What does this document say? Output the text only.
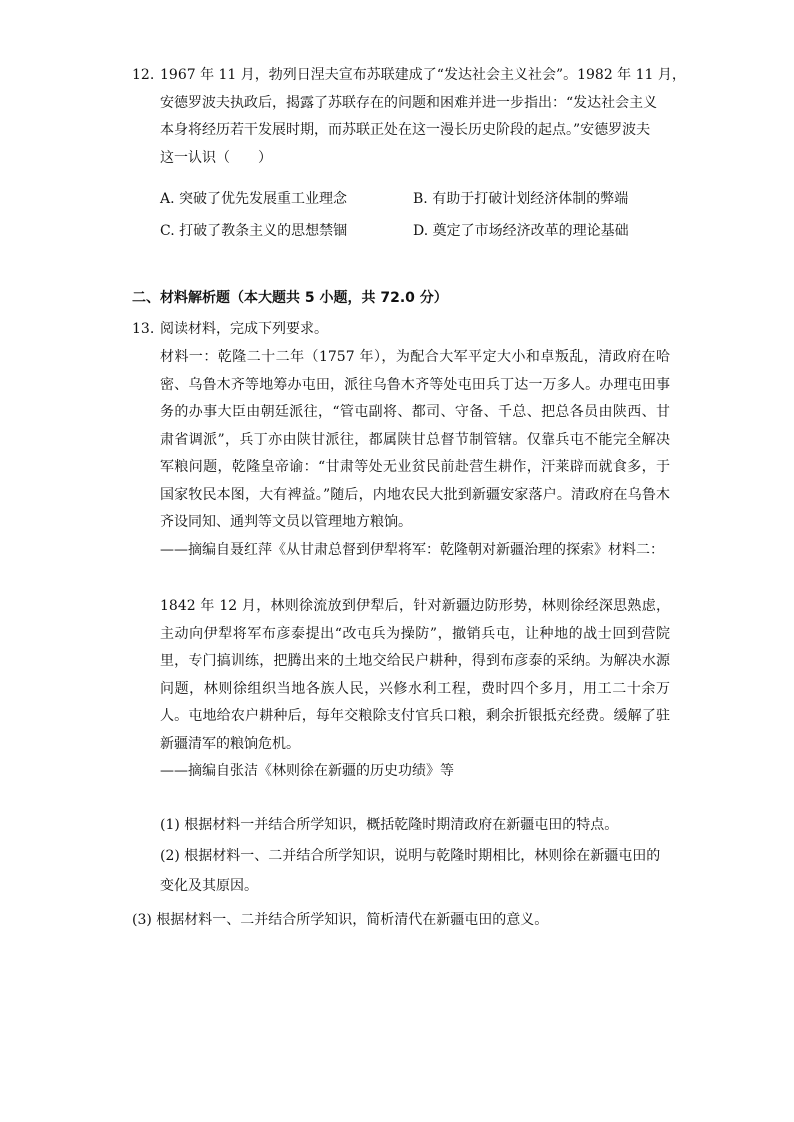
12. 1967 年 11 月，勃列日涅夫宣布苏联建成了“发达社会主义社会”。1982 年 11 月，
安德罗波夫执政后，揭露了苏联存在的问题和困难并进一步指出：“发达社会主义
本身将经历若干发展时期，而苏联正处在这一漫长历史阶段的起点。”安德罗波夫
这一认识（　　）
A. 突破了优先发展重工业理念	B. 有助于打破计划经济体制的弊端
C. 打破了教条主义的思想禁锢	D. 奠定了市场经济改革的理论基础
二、材料解析题（本大题共 5 小题，共 72.0 分）
13. 阅读材料，完成下列要求。
材料一：乾隆二十二年（1757 年），为配合大军平定大小和卓叛乱，清政府在哈密、乌鲁木齐等地筹办屯田，派往乌鲁木齐等处屯田兵丁达一万多人。办理屯田事务的办事大臣由朝廷派往，“管屯副将、都司、守备、千总、把总各员由陕西、甘肃省调派”，兵丁亦由陕甘派往，都属陕甘总督节制管辖。仅靠兵屯不能完全解决军粮问题，乾隆皇帝谕：“甘肃等处无业贫民前赴营生耕作，汗莱辟而就食多，于国家牧民本图，大有裨益。”随后，内地农民大批到新疆安家落户。清政府在乌鲁木齐设同知、通判等文员以管理地方粮饷。
——摘编自聂红萍《从甘肃总督到伊犁将军：乾隆朝对新疆治理的探索》材料二：
1842 年 12 月，林则徐流放到伊犁后，针对新疆边防形势，林则徐经深思熟虑，主动向伊犁将军布彦泰提出“改屯兵为操防”，撤销兵屯，让种地的战士回到营院里，专门搞训练，把腾出来的土地交给民户耕种，得到布彦泰的采纳。为解决水源问题，林则徐组织当地各族人民，兴修水利工程，费时四个多月，用工二十余万人。屯地给农户耕种后，每年交粮除支付官兵口粮，剩余折银抵充经费。缓解了驻新疆清军的粮饷危机。
——摘编自张洁《林则徐在新疆的历史功绩》等
(1) 根据材料一并结合所学知识，概括乾隆时期清政府在新疆屯田的特点。
(2) 根据材料一、二并结合所学知识，说明与乾隆时期相比，林则徐在新疆屯田的
变化及其原因。
(3) 根据材料一、二并结合所学知识，简析清代在新疆屯田的意义。
